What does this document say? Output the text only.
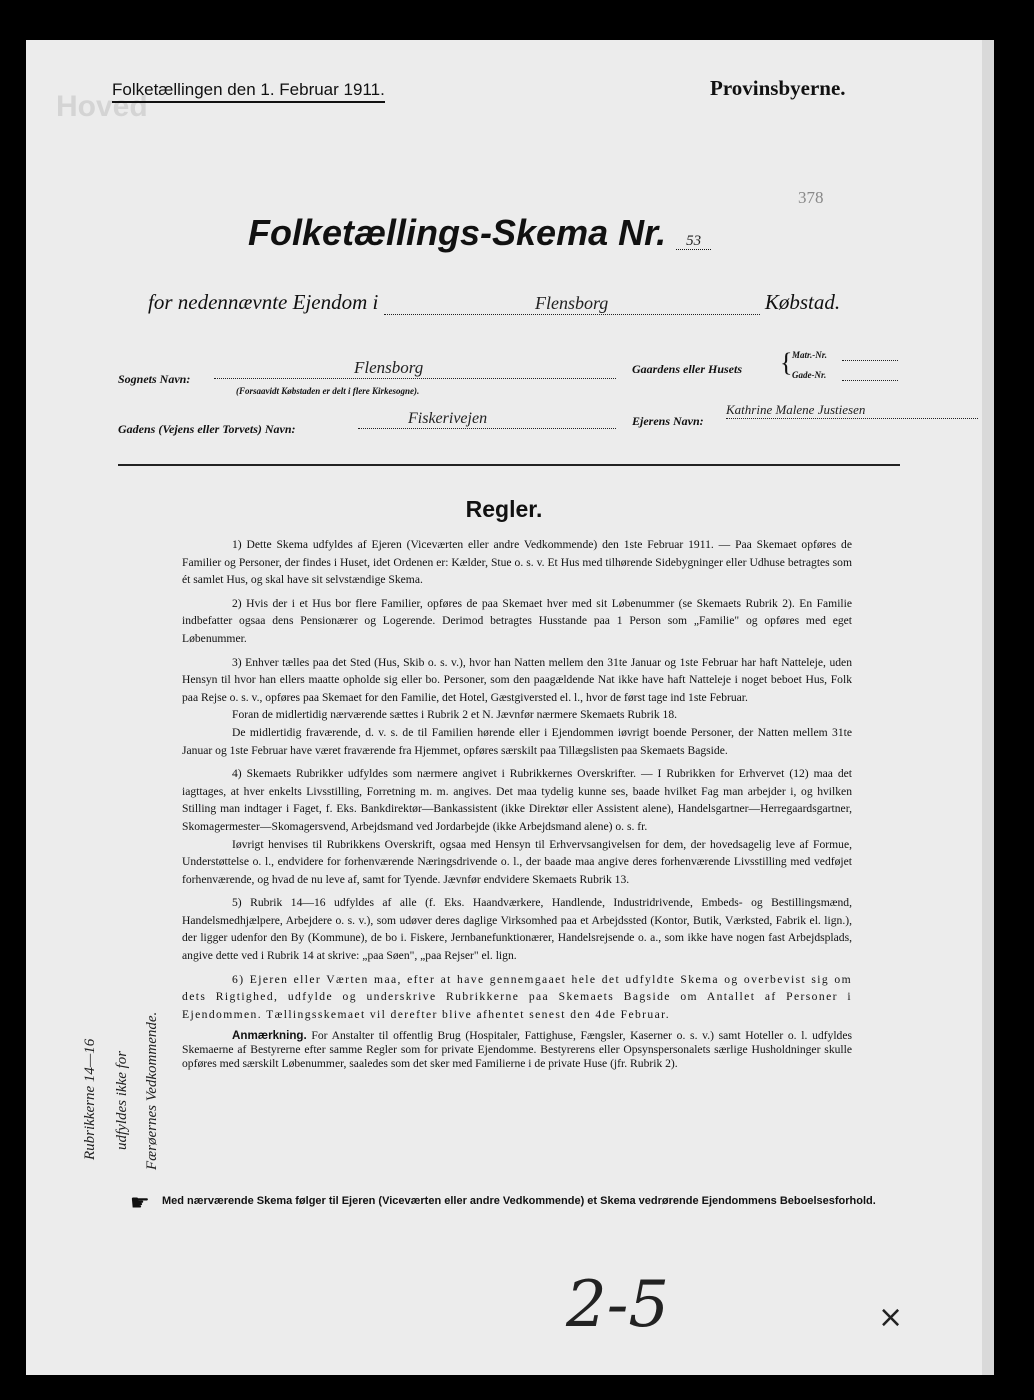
Hoved
Folketællingen den 1. Februar 1911.	Provinsbyerne.
378
Folketællings-Skema Nr. 53
for nedennævnte Ejendom i	Flensborg	Købstad.
Sognets Navn:
Flensborg
(Forsaavidt Købstaden er delt i flere Kirkesogne).
Gaardens eller Husets { Matr.-Nr.
Gade-Nr.
Gadens (Vejens eller Torvets) Navn:
Fiskerivejen	Ejerens Navn:
Kathrine Malene Justiesen
Regler.

1) Dette Skema udfyldes af Ejeren (Viceværten eller andre Vedkommende) den 1ste Februar 1911. — Paa Skemaet opføres de Familier og Personer, der findes i Huset, idet Ordenen er: Kælder, Stue o. s. v. Et Hus med tilhørende Sidebygninger eller Udhuse betragtes som ét samlet Hus, og skal have sit selvstændige Skema.

2) Hvis der i et Hus bor flere Familier, opføres de paa Skemaet hver med sit Løbenummer (se Skemaets Rubrik 2). En Familie indbefatter ogsaa dens Pensionærer og Logerende. Derimod betragtes Husstande paa 1 Person som „Familie" og opføres med eget Løbenummer.

3) Enhver tælles paa det Sted (Hus, Skib o. s. v.), hvor han Natten mellem den 31te Januar og 1ste Februar har haft Natteleje, uden Hensyn til hvor han ellers maatte opholde sig eller bo. Personer, som den paagældende Nat ikke have haft Natteleje i noget beboet Hus, Folk paa Rejse o. s. v., opføres paa Skemaet for den Familie, det Hotel, Gæstgiversted el. l., hvor de først tage ind 1ste Februar.

Foran de midlertidig nærværende sættes i Rubrik 2 et N. Jævnfør nærmere Skemaets Rubrik 18.

De midlertidig fraværende, d. v. s. de til Familien hørende eller i Ejendommen iøvrigt boende Personer, der Natten mellem 31te Januar og 1ste Februar have været fraværende fra Hjemmet, opføres særskilt paa Tillægslisten paa Skemaets Bagside.

4) Skemaets Rubrikker udfyldes som nærmere angivet i Rubrikkernes Overskrifter. — I Rubrikken for Erhvervet (12) maa det iagttages, at hver enkelts Livsstilling, Forretning m. m. angives. Det maa tydelig kunne ses, baade hvilket Fag man arbejder i, og hvilken Stilling man indtager i Faget, f. Eks. Bankdirektør—Bankassistent (ikke Direktør eller Assistent alene), Handelsgartner—Herregaardsgartner, Skomagermester—Skomagersvend, Arbejdsmand ved Jordarbejde (ikke Arbejdsmand alene) o. s. fr.

Iøvrigt henvises til Rubrikkens Overskrift, ogsaa med Hensyn til Erhvervsangivelsen for dem, der hovedsagelig leve af Formue, Understøttelse o. l., endvidere for forhenværende Næringsdrivende o. l., der baade maa angive deres forhenværende Livsstilling med vedføjet forhenværende, og hvad de nu leve af, samt for Tyende. Jævnfør endvidere Skemaets Rubrik 13.

5) Rubrik 14—16 udfyldes af alle (f. Eks. Haandværkere, Handlende, Industridrivende, Embeds- og Bestillingsmænd, Handelsmedhjælpere, Arbejdere o. s. v.), som udøver deres daglige Virksomhed paa et Arbejdssted (Kontor, Butik, Værksted, Fabrik el. lign.), der ligger udenfor den By (Kommune), de bo i. Fiskere, Jernbanefunktionærer, Handelsrejsende o. a., som ikke have nogen fast Arbejdsplads, angive dette ved i Rubrik 14 at skrive: „paa Søen", „paa Rejser" el. lign.

6) Ejeren eller Værten maa, efter at have gennemgaaet hele det udfyldte Skema og overbevist sig om dets Rigtighed, udfylde og underskrive Rubrikkerne paa Skemaets Bagside om Antallet af Personer i Ejendommen. Tællingsskemaet vil derefter blive afhentet senest den 4de Februar.

Anmærkning. For Anstalter til offentlig Brug (Hospitaler, Fattighuse, Fængsler, Kaserner o. s. v.) samt Hoteller o. l. udfyldes Skemaerne af Bestyrerne efter samme Regler som for private Ejendomme. Bestyrerens eller Opsynspersonalets særlige Husholdninger skulle opføres med særskilt Løbenummer, saaledes som det sker med Familierne i de private Huse (jfr. Rubrik 2).

Rubrikkerne 14—16 udfyldes ikke for Færøernes Vedkommende.
☛ Med nærværende Skema følger til Ejeren (Viceværten eller andre Vedkommende) et Skema vedrørende Ejendommens Beboelsesforhold.
2-5	×
